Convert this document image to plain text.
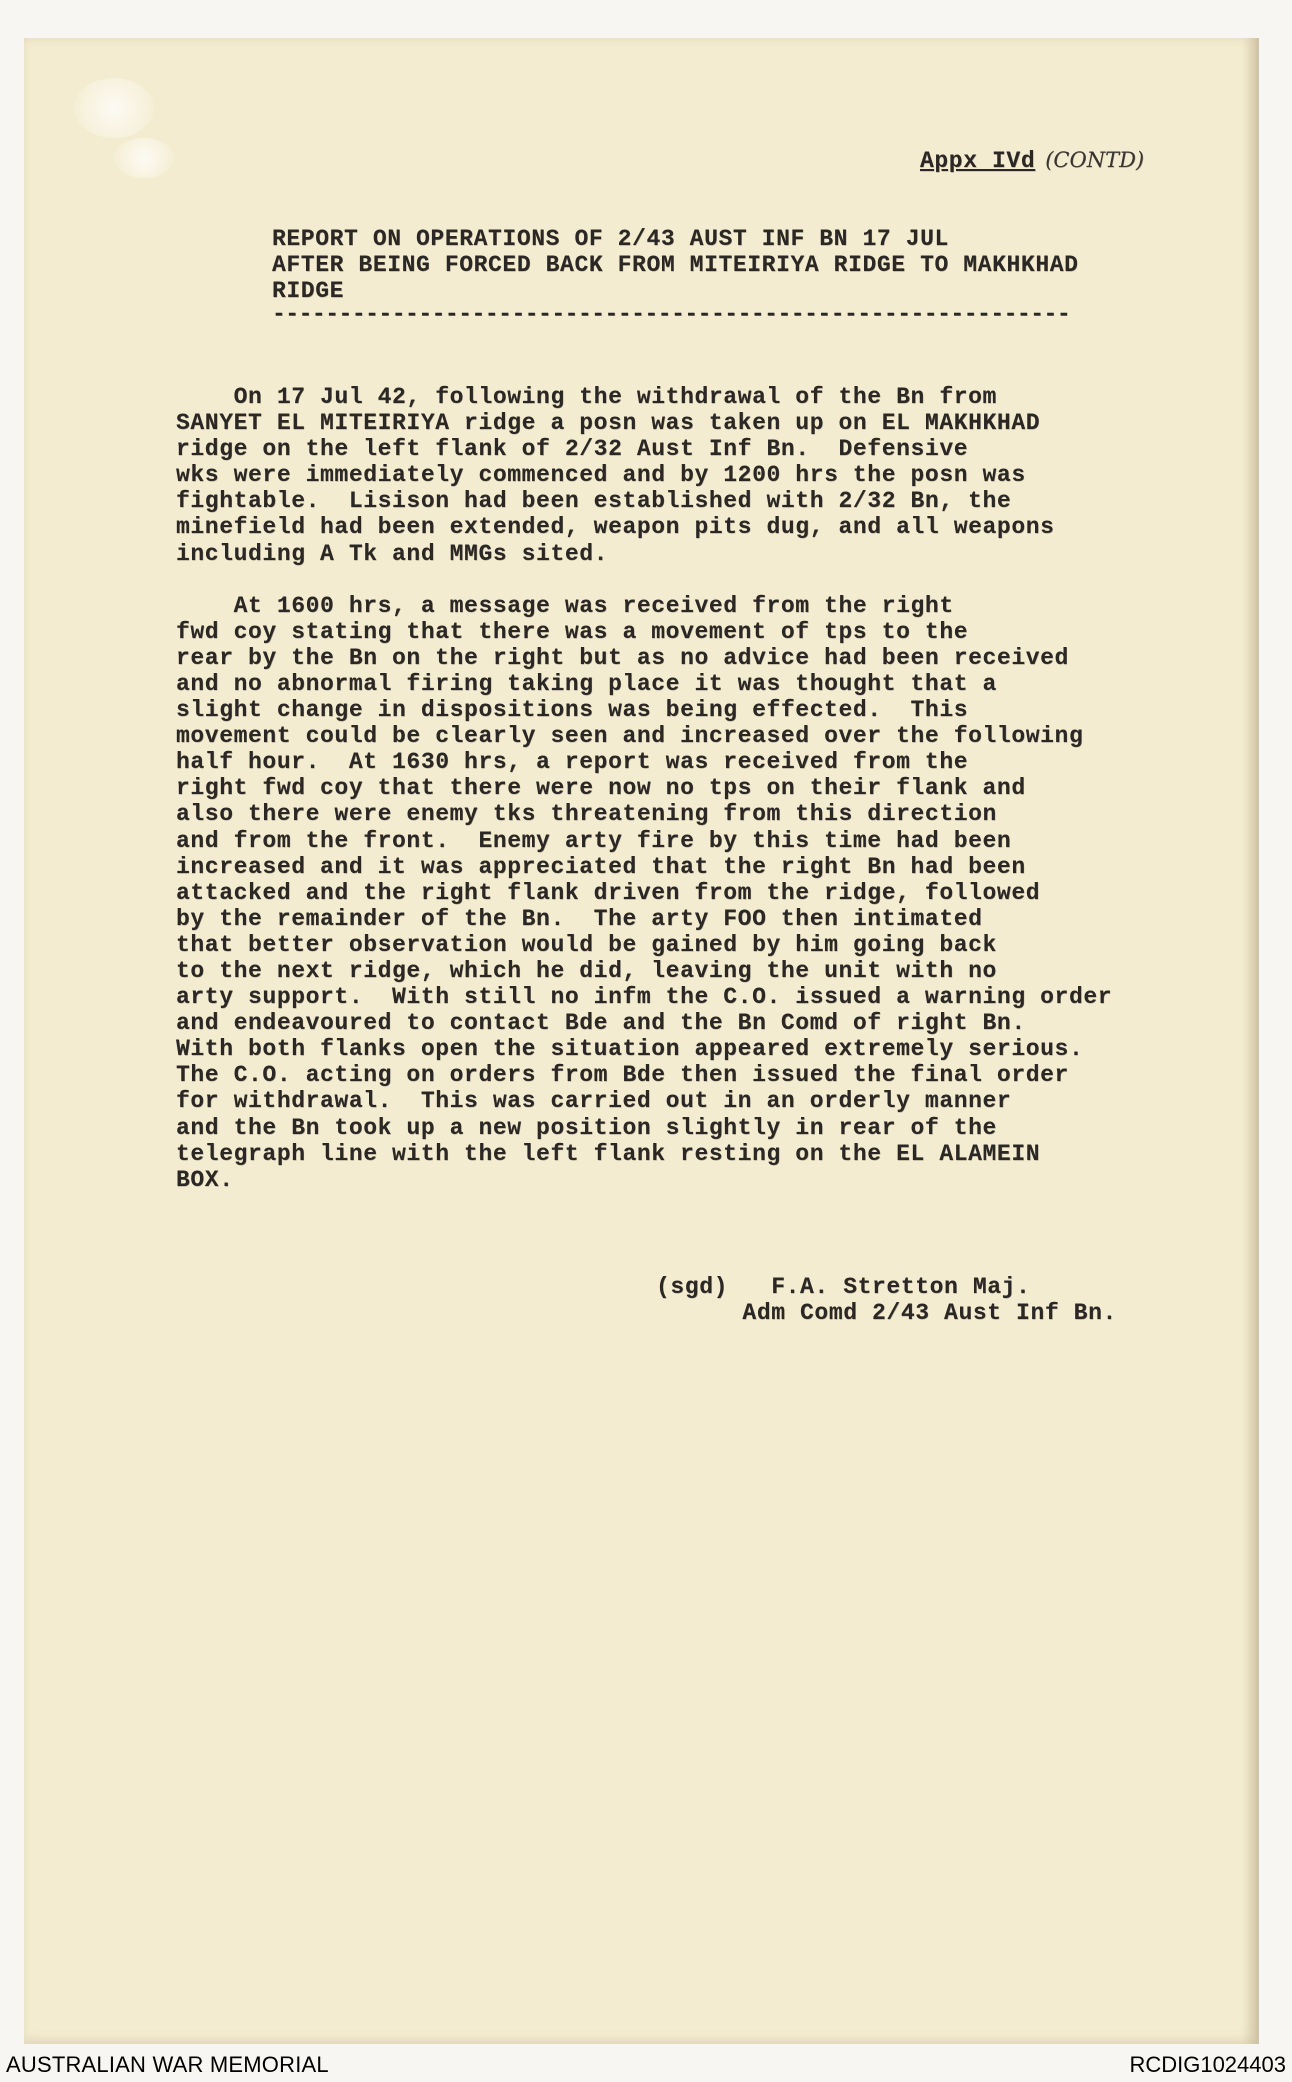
Appx IVd (CONTD)
REPORT ON OPERATIONS OF 2/43 AUST INF BN 17 JUL
AFTER BEING FORCED BACK FROM MITEIRIYA RIDGE TO MAKHKHAD
RIDGE
------------------------------------------------------------
On 17 Jul 42, following the withdrawal of the Bn from
SANYET EL MITEIRIYA ridge a posn was taken up on EL MAKHKHAD
ridge on the left flank of 2/32 Aust Inf Bn.  Defensive
wks were immediately commenced and by 1200 hrs the posn was
fightable.  Lisison had been established with 2/32 Bn, the
minefield had been extended, weapon pits dug, and all weapons
including A Tk and MMGs sited.
At 1600 hrs, a message was received from the right
fwd coy stating that there was a movement of tps to the
rear by the Bn on the right but as no advice had been received
and no abnormal firing taking place it was thought that a
slight change in dispositions was being effected.  This
movement could be clearly seen and increased over the following
half hour.  At 1630 hrs, a report was received from the
right fwd coy that there were now no tps on their flank and
also there were enemy tks threatening from this direction
and from the front.  Enemy arty fire by this time had been
increased and it was appreciated that the right Bn had been
attacked and the right flank driven from the ridge, followed
by the remainder of the Bn.  The arty FOO then intimated
that better observation would be gained by him going back
to the next ridge, which he did, leaving the unit with no
arty support.  With still no infm the C.O. issued a warning order
and endeavoured to contact Bde and the Bn Comd of right Bn.
With both flanks open the situation appeared extremely serious.
The C.O. acting on orders from Bde then issued the final order
for withdrawal.  This was carried out in an orderly manner
and the Bn took up a new position slightly in rear of the
telegraph line with the left flank resting on the EL ALAMEIN
BOX.
(sgd)   F.A. Stretton Maj.
Adm Comd 2/43 Aust Inf Bn.
AUSTRALIAN WAR MEMORIAL	RCDIG1024403
